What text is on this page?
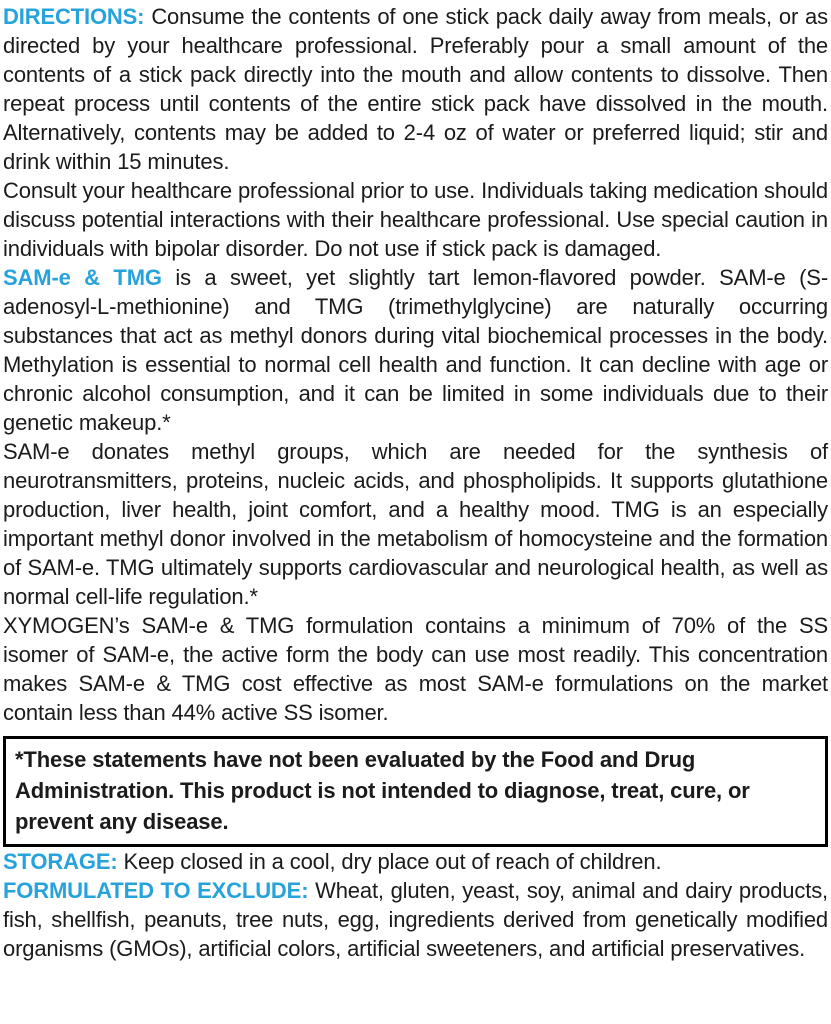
DIRECTIONS: Consume the contents of one stick pack daily away from meals, or as directed by your healthcare professional. Preferably pour a small amount of the contents of a stick pack directly into the mouth and allow contents to dissolve. Then repeat process until contents of the entire stick pack have dissolved in the mouth. Alternatively, contents may be added to 2-4 oz of water or preferred liquid; stir and drink within 15 minutes.

Consult your healthcare professional prior to use. Individuals taking medication should discuss potential interactions with their healthcare professional. Use special caution in individuals with bipolar disorder. Do not use if stick pack is damaged.

SAM-e & TMG is a sweet, yet slightly tart lemon-flavored powder. SAM-e (S-adenosyl-L-methionine) and TMG (trimethylglycine) are naturally occurring substances that act as methyl donors during vital biochemical processes in the body. Methylation is essential to normal cell health and function. It can decline with age or chronic alcohol consumption, and it can be limited in some individuals due to their genetic makeup.*

SAM-e donates methyl groups, which are needed for the synthesis of neurotransmitters, proteins, nucleic acids, and phospholipids. It supports glutathione production, liver health, joint comfort, and a healthy mood. TMG is an especially important methyl donor involved in the metabolism of homocysteine and the formation of SAM-e. TMG ultimately supports cardiovascular and neurological health, as well as normal cell-life regulation.*

XYMOGEN’s SAM-e & TMG formulation contains a minimum of 70% of the SS isomer of SAM-e, the active form the body can use most readily. This concentration makes SAM-e & TMG cost effective as most SAM-e formulations on the market contain less than 44% active SS isomer.

*These statements have not been evaluated by the Food and Drug Administration. This product is not intended to diagnose, treat, cure, or prevent any disease.

STORAGE: Keep closed in a cool, dry place out of reach of children.

FORMULATED TO EXCLUDE: Wheat, gluten, yeast, soy, animal and dairy products, fish, shellfish, peanuts, tree nuts, egg, ingredients derived from genetically modified organisms (GMOs), artificial colors, artificial sweeteners, and artificial preservatives.
